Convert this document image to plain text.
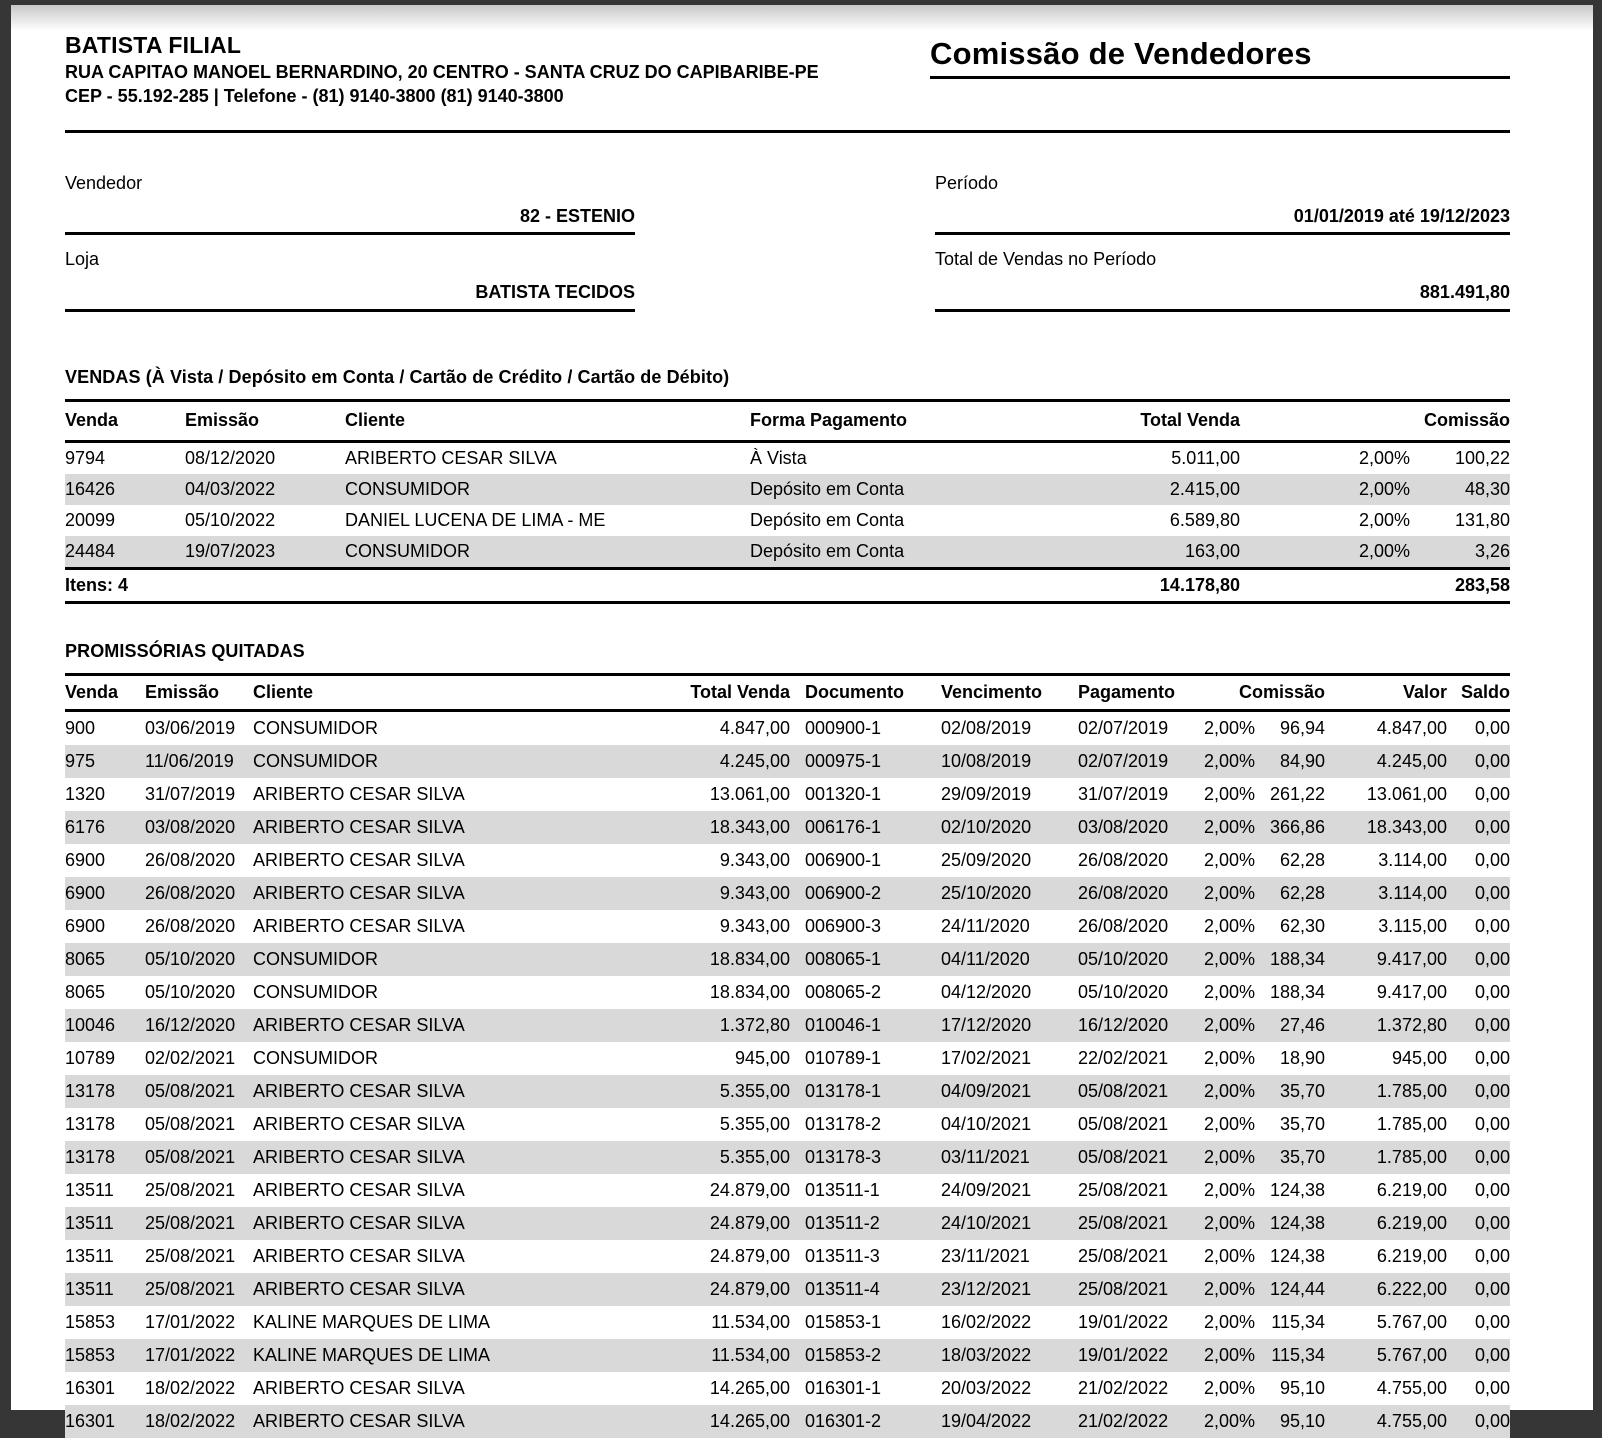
BATISTA FILIAL
RUA CAPITAO MANOEL BERNARDINO, 20 CENTRO - SANTA CRUZ DO CAPIBARIBE-PE
CEP - 55.192-285 | Telefone - (81) 9140-3800 (81) 9140-3800
Comissão de Vendedores
Vendedor
82 - ESTENIO
Período
01/01/2019 até 19/12/2023
Loja
BATISTA TECIDOS
Total de Vendas no Período
881.491,80
VENDAS (À Vista / Depósito em Conta / Cartão de Crédito / Cartão de Débito)
Venda	Emissão	Cliente	Forma Pagamento	Total Venda	Comissão	
9794	08/12/2020	ARIBERTO CESAR SILVA	À Vista	5.011,00	2,00%	100,22
16426	04/03/2022	CONSUMIDOR	Depósito em Conta	2.415,00	2,00%	48,30
20099	05/10/2022	DANIEL LUCENA DE LIMA - ME	Depósito em Conta	6.589,80	2,00%	131,80
24484	19/07/2023	CONSUMIDOR	Depósito em Conta	163,00	2,00%	3,26
Itens: 4				14.178,80	283,58	
PROMISSÓRIAS QUITADAS
Venda	Emissão	Cliente	Total Venda	Documento	Vencimento	Pagamento	Comissão		Valor	Saldo
900	03/06/2019	CONSUMIDOR	4.847,00	000900-1	02/08/2019	02/07/2019	2,00%	96,94	4.847,00	0,00
975	11/06/2019	CONSUMIDOR	4.245,00	000975-1	10/08/2019	02/07/2019	2,00%	84,90	4.245,00	0,00
1320	31/07/2019	ARIBERTO CESAR SILVA	13.061,00	001320-1	29/09/2019	31/07/2019	2,00%	261,22	13.061,00	0,00
6176	03/08/2020	ARIBERTO CESAR SILVA	18.343,00	006176-1	02/10/2020	03/08/2020	2,00%	366,86	18.343,00	0,00
6900	26/08/2020	ARIBERTO CESAR SILVA	9.343,00	006900-1	25/09/2020	26/08/2020	2,00%	62,28	3.114,00	0,00
6900	26/08/2020	ARIBERTO CESAR SILVA	9.343,00	006900-2	25/10/2020	26/08/2020	2,00%	62,28	3.114,00	0,00
6900	26/08/2020	ARIBERTO CESAR SILVA	9.343,00	006900-3	24/11/2020	26/08/2020	2,00%	62,30	3.115,00	0,00
8065	05/10/2020	CONSUMIDOR	18.834,00	008065-1	04/11/2020	05/10/2020	2,00%	188,34	9.417,00	0,00
8065	05/10/2020	CONSUMIDOR	18.834,00	008065-2	04/12/2020	05/10/2020	2,00%	188,34	9.417,00	0,00
10046	16/12/2020	ARIBERTO CESAR SILVA	1.372,80	010046-1	17/12/2020	16/12/2020	2,00%	27,46	1.372,80	0,00
10789	02/02/2021	CONSUMIDOR	945,00	010789-1	17/02/2021	22/02/2021	2,00%	18,90	945,00	0,00
13178	05/08/2021	ARIBERTO CESAR SILVA	5.355,00	013178-1	04/09/2021	05/08/2021	2,00%	35,70	1.785,00	0,00
13178	05/08/2021	ARIBERTO CESAR SILVA	5.355,00	013178-2	04/10/2021	05/08/2021	2,00%	35,70	1.785,00	0,00
13178	05/08/2021	ARIBERTO CESAR SILVA	5.355,00	013178-3	03/11/2021	05/08/2021	2,00%	35,70	1.785,00	0,00
13511	25/08/2021	ARIBERTO CESAR SILVA	24.879,00	013511-1	24/09/2021	25/08/2021	2,00%	124,38	6.219,00	0,00
13511	25/08/2021	ARIBERTO CESAR SILVA	24.879,00	013511-2	24/10/2021	25/08/2021	2,00%	124,38	6.219,00	0,00
13511	25/08/2021	ARIBERTO CESAR SILVA	24.879,00	013511-3	23/11/2021	25/08/2021	2,00%	124,38	6.219,00	0,00
13511	25/08/2021	ARIBERTO CESAR SILVA	24.879,00	013511-4	23/12/2021	25/08/2021	2,00%	124,44	6.222,00	0,00
15853	17/01/2022	KALINE MARQUES DE LIMA	11.534,00	015853-1	16/02/2022	19/01/2022	2,00%	115,34	5.767,00	0,00
15853	17/01/2022	KALINE MARQUES DE LIMA	11.534,00	015853-2	18/03/2022	19/01/2022	2,00%	115,34	5.767,00	0,00
16301	18/02/2022	ARIBERTO CESAR SILVA	14.265,00	016301-1	20/03/2022	21/02/2022	2,00%	95,10	4.755,00	0,00
16301	18/02/2022	ARIBERTO CESAR SILVA	14.265,00	016301-2	19/04/2022	21/02/2022	2,00%	95,10	4.755,00	0,00
